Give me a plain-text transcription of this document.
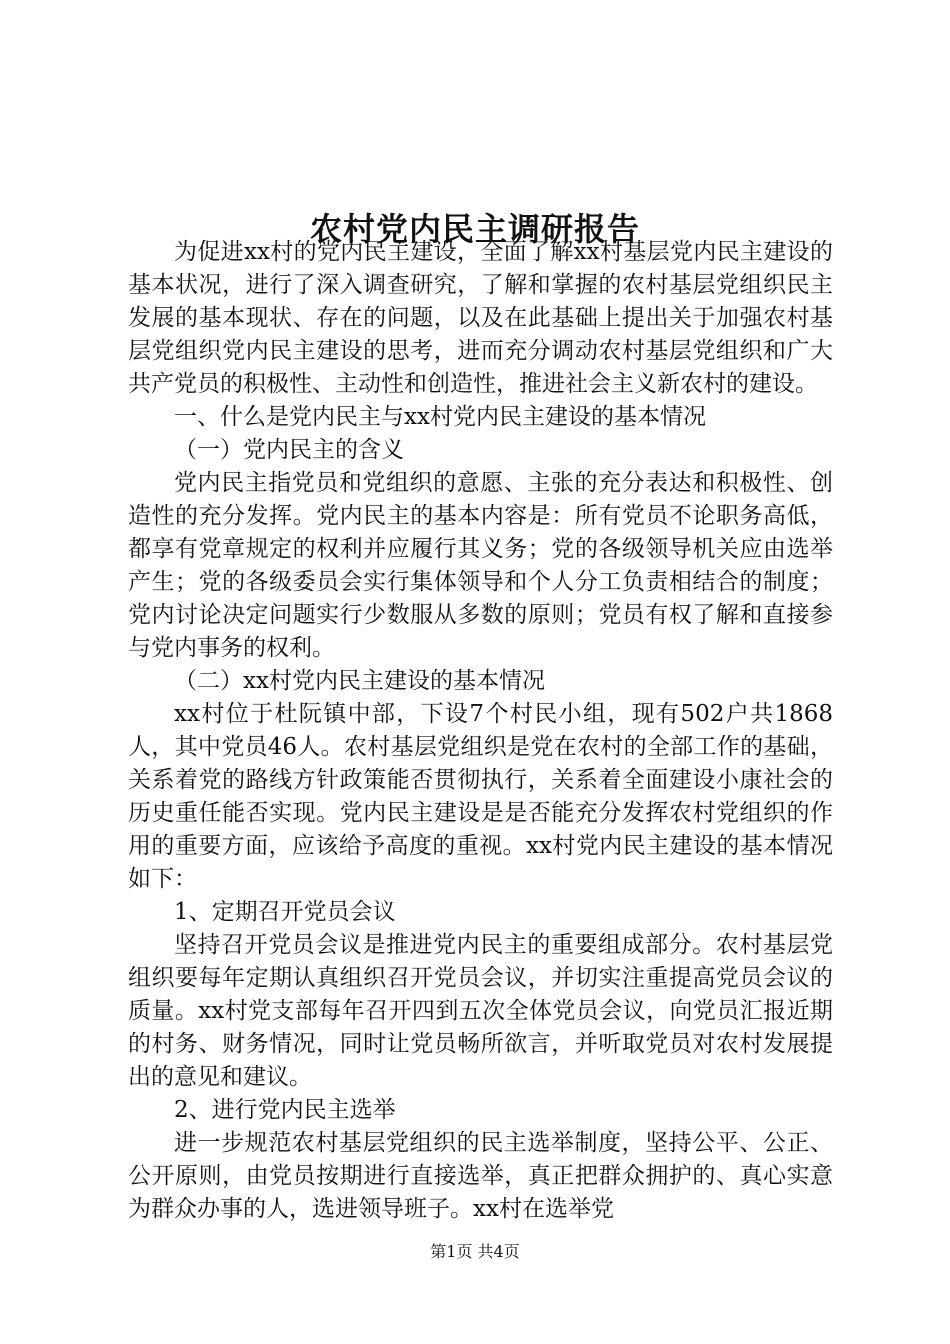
农村党内民主调研报告

为促进xx村的党内民主建设，全面了解xx村基层党内民主建设的基本状况，进行了深入调查研究，了解和掌握的农村基层党组织民主发展的基本现状、存在的问题，以及在此基础上提出关于加强农村基层党组织党内民主建设的思考，进而充分调动农村基层党组织和广大共产党员的积极性、主动性和创造性，推进社会主义新农村的建设。

一、什么是党内民主与xx村党内民主建设的基本情况

（一）党内民主的含义

党内民主指党员和党组织的意愿、主张的充分表达和积极性、创造性的充分发挥。党内民主的基本内容是：所有党员不论职务高低，都享有党章规定的权利并应履行其义务；党的各级领导机关应由选举产生；党的各级委员会实行集体领导和个人分工负责相结合的制度；党内讨论决定问题实行少数服从多数的原则；党员有权了解和直接参与党内事务的权利。

（二）xx村党内民主建设的基本情况

xx村位于杜阮镇中部，下设7个村民小组，现有502户共1868人，其中党员46人。农村基层党组织是党在农村的全部工作的基础，关系着党的路线方针政策能否贯彻执行，关系着全面建设小康社会的历史重任能否实现。党内民主建设是是否能充分发挥农村党组织的作用的重要方面，应该给予高度的重视。xx村党内民主建设的基本情况如下：

1、定期召开党员会议

坚持召开党员会议是推进党内民主的重要组成部分。农村基层党组织要每年定期认真组织召开党员会议，并切实注重提高党员会议的质量。xx村党支部每年召开四到五次全体党员会议，向党员汇报近期的村务、财务情况，同时让党员畅所欲言，并听取党员对农村发展提出的意见和建议。

2、进行党内民主选举

进一步规范农村基层党组织的民主选举制度，坚持公平、公正、公开原则，由党员按期进行直接选举，真正把群众拥护的、真心实意为群众办事的人，选进领导班子。xx村在选举党

第1页 共4页
